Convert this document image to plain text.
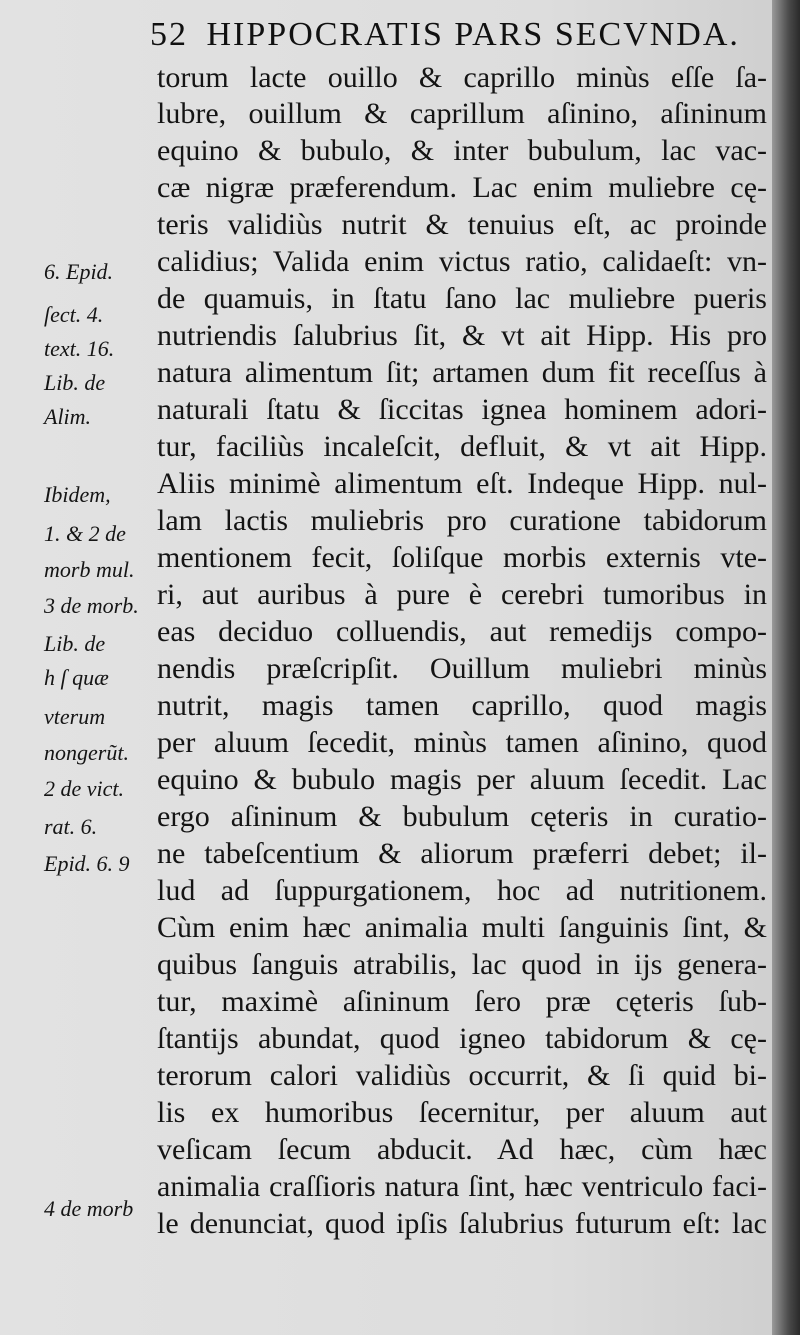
52 HIPPOCRATIS PARS SECVNDA.
torum lacte ouillo & caprillo minùs eſſe ſa-
lubre, ouillum & caprillum aſinino, aſininum
equino & bubulo, & inter bubulum, lac vac-
cæ nigræ præferendum. Lac enim muliebre cę-
teris validiùs nutrit & tenuius eſt, ac proinde
calidius; Valida enim victus ratio, calidaeſt: vn-
de quamuis, in ſtatu ſano lac muliebre pueris
nutriendis ſalubrius ſit, & vt ait Hipp. His pro
natura alimentum ſit; artamen dum fit receſſus à
naturali ſtatu & ſiccitas ignea hominem adori-
tur, faciliùs incaleſcit, defluit, & vt ait Hipp.
Aliis minimè alimentum eſt. Indeque Hipp. nul-
lam lactis muliebris pro curatione tabidorum
mentionem fecit, ſoliſque morbis externis vte-
ri, aut auribus à pure è cerebri tumoribus in
eas deciduo colluendis, aut remedijs compo-
nendis præſcripſit. Ouillum muliebri minùs
nutrit, magis tamen caprillo, quod magis
per aluum ſecedit, minùs tamen aſinino, quod
equino & bubulo magis per aluum ſecedit. Lac
ergo aſininum & bubulum cęteris in curatio-
ne tabeſcentium & aliorum præferri debet; il-
lud ad ſuppurgationem, hoc ad nutritionem.
Cùm enim hæc animalia multi ſanguinis ſint, &
quibus ſanguis atrabilis, lac quod in ijs genera-
tur, maximè aſininum ſero præ cęteris ſub-
ſtantijs abundat, quod igneo tabidorum & cę-
terorum calori validiùs occurrit, & ſi quid bi-
lis ex humoribus ſecernitur, per aluum aut
veſicam ſecum abducit. Ad hæc, cùm hæc
animalia craſſioris natura ſint, hæc ventriculo faci-
le denunciat, quod ipſis ſalubrius futurum eſt: lac
6. Epid.
ſect. 4.
text. 16.
Lib. de
Alim.
Ibidem,
1. & 2 de
morb mul.
3 de morb.
Lib. de
h ſ quæ
vterum
nongerũt.
2 de vict.
rat. 6.
Epid. 6. 9
4 de morb
